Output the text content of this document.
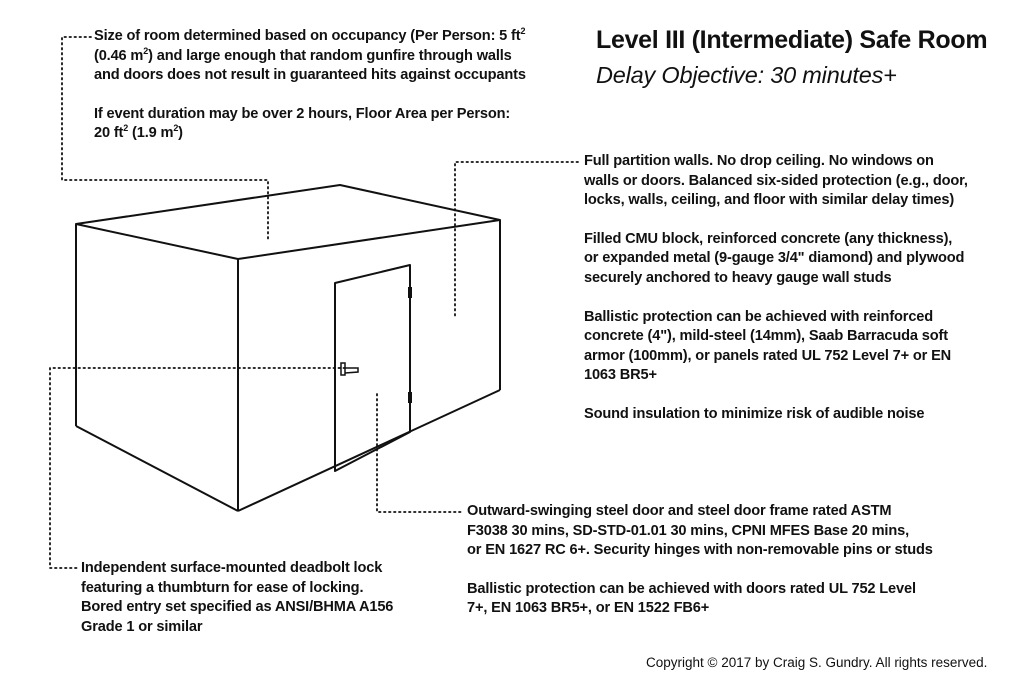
Level III (Intermediate) Safe Room
Delay Objective: 30 minutes+
Size of room determined based on occupancy (Per Person: 5 $ft^2$
(0.46 $m^2$) and large enough that random gunfire through walls
and doors does not result in guaranteed hits against occupants
If event duration may be over 2 hours, Floor Area per Person:
20 $ft^2$ (1.9 $m^2$)
Full partition walls. No drop ceiling. No windows on
walls or doors. Balanced six-sided protection (e.g., door,
locks, walls, ceiling, and floor with similar delay times)
Filled CMU block, reinforced concrete (any thickness),
or expanded metal (9-gauge 3/4" diamond) and plywood
securely anchored to heavy gauge wall studs
Ballistic protection can be achieved with reinforced
concrete (4"), mild-steel (14mm), Saab Barracuda soft
armor (100mm), or panels rated UL 752 Level 7+ or EN
1063 BR5+
Sound insulation to minimize risk of audible noise
Outward-swinging steel door and steel door frame rated ASTM
F3038 30 mins, SD-STD-01.01 30 mins, CPNI MFES Base 20 mins,
or EN 1627 RC 6+. Security hinges with non-removable pins or studs
Ballistic protection can be achieved with doors rated UL 752 Level
7+, EN 1063 BR5+, or EN 1522 FB6+
Independent surface-mounted deadbolt lock
featuring a thumbturn for ease of locking.
Bored entry set specified as ANSI/BHMA A156
Grade 1 or similar
Copyright © 2017 by Craig S. Gundry. All rights reserved.
